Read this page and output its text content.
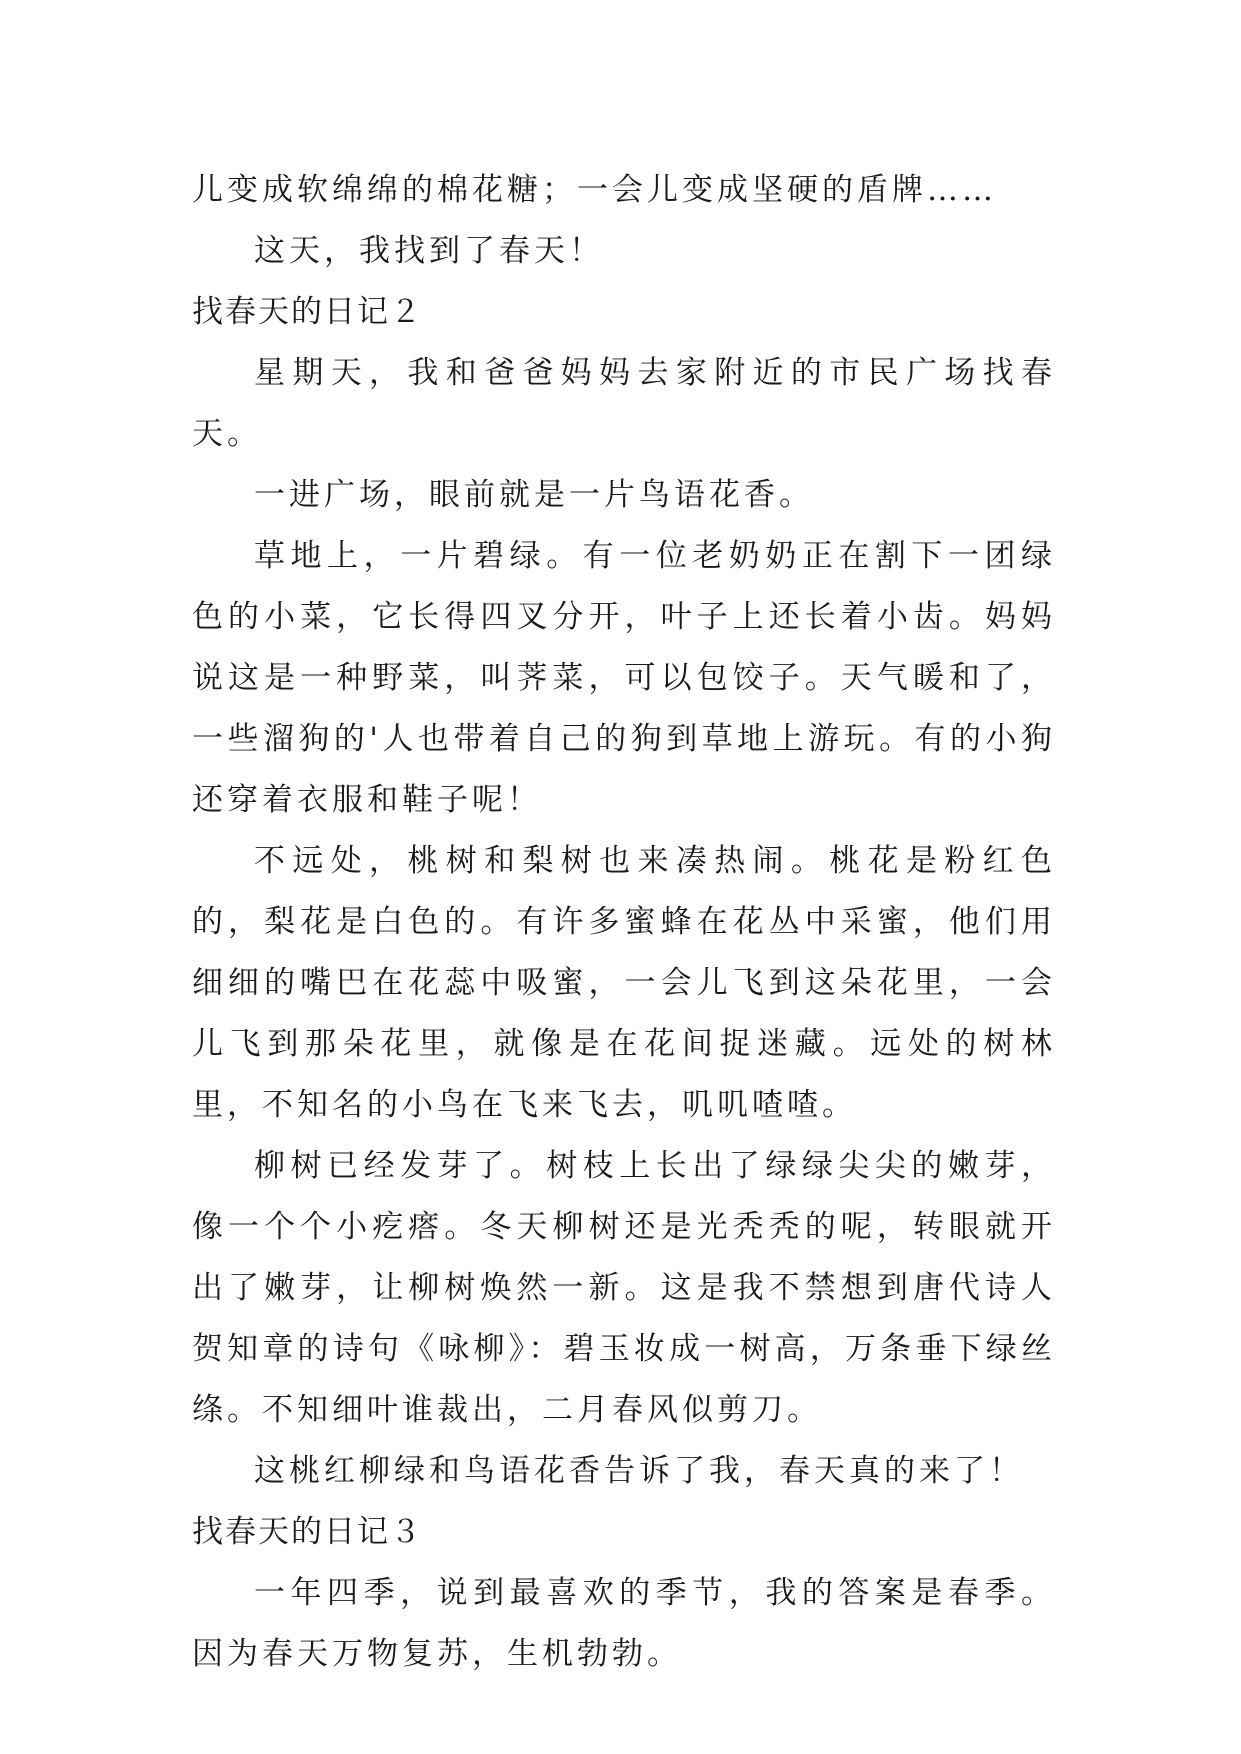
儿变成软绵绵的棉花糖；一会儿变成坚硬的盾牌……

这天，我找到了春天！

找春天的日记２

星期天，我和爸爸妈妈去家附近的市民广场找春天。

一进广场，眼前就是一片鸟语花香。

草地上，一片碧绿。有一位老奶奶正在割下一团绿色的小菜，它长得四叉分开，叶子上还长着小齿。妈妈说这是一种野菜，叫荠菜，可以包饺子。天气暖和了，一些溜狗的'人也带着自己的狗到草地上游玩。有的小狗还穿着衣服和鞋子呢！

不远处，桃树和梨树也来凑热闹。桃花是粉红色的，梨花是白色的。有许多蜜蜂在花丛中采蜜，他们用细细的嘴巴在花蕊中吸蜜，一会儿飞到这朵花里，一会儿飞到那朵花里，就像是在花间捉迷藏。远处的树林里，不知名的小鸟在飞来飞去，叽叽喳喳。

柳树已经发芽了。树枝上长出了绿绿尖尖的嫩芽，像一个个小疙瘩。冬天柳树还是光秃秃的呢，转眼就开出了嫩芽，让柳树焕然一新。这是我不禁想到唐代诗人贺知章的诗句《咏柳》：碧玉妆成一树高，万条垂下绿丝绦。不知细叶谁裁出，二月春风似剪刀。

这桃红柳绿和鸟语花香告诉了我，春天真的来了！

找春天的日记３

一年四季，说到最喜欢的季节，我的答案是春季。因为春天万物复苏，生机勃勃。
